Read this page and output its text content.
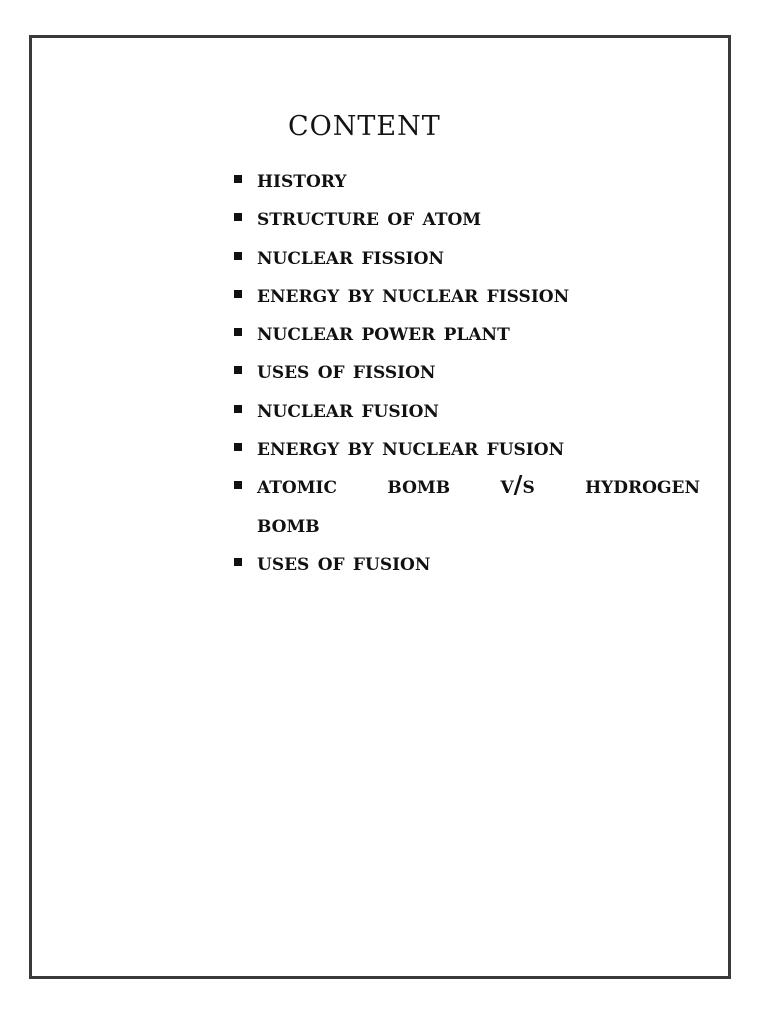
content
history
structure of atom
nuclear fission
energy by nuclear fission
nuclear power plant
uses of fission
nuclear fusion
energy by nuclear fusion
atomic bomb v/s hydrogen bomb
uses of fusion
